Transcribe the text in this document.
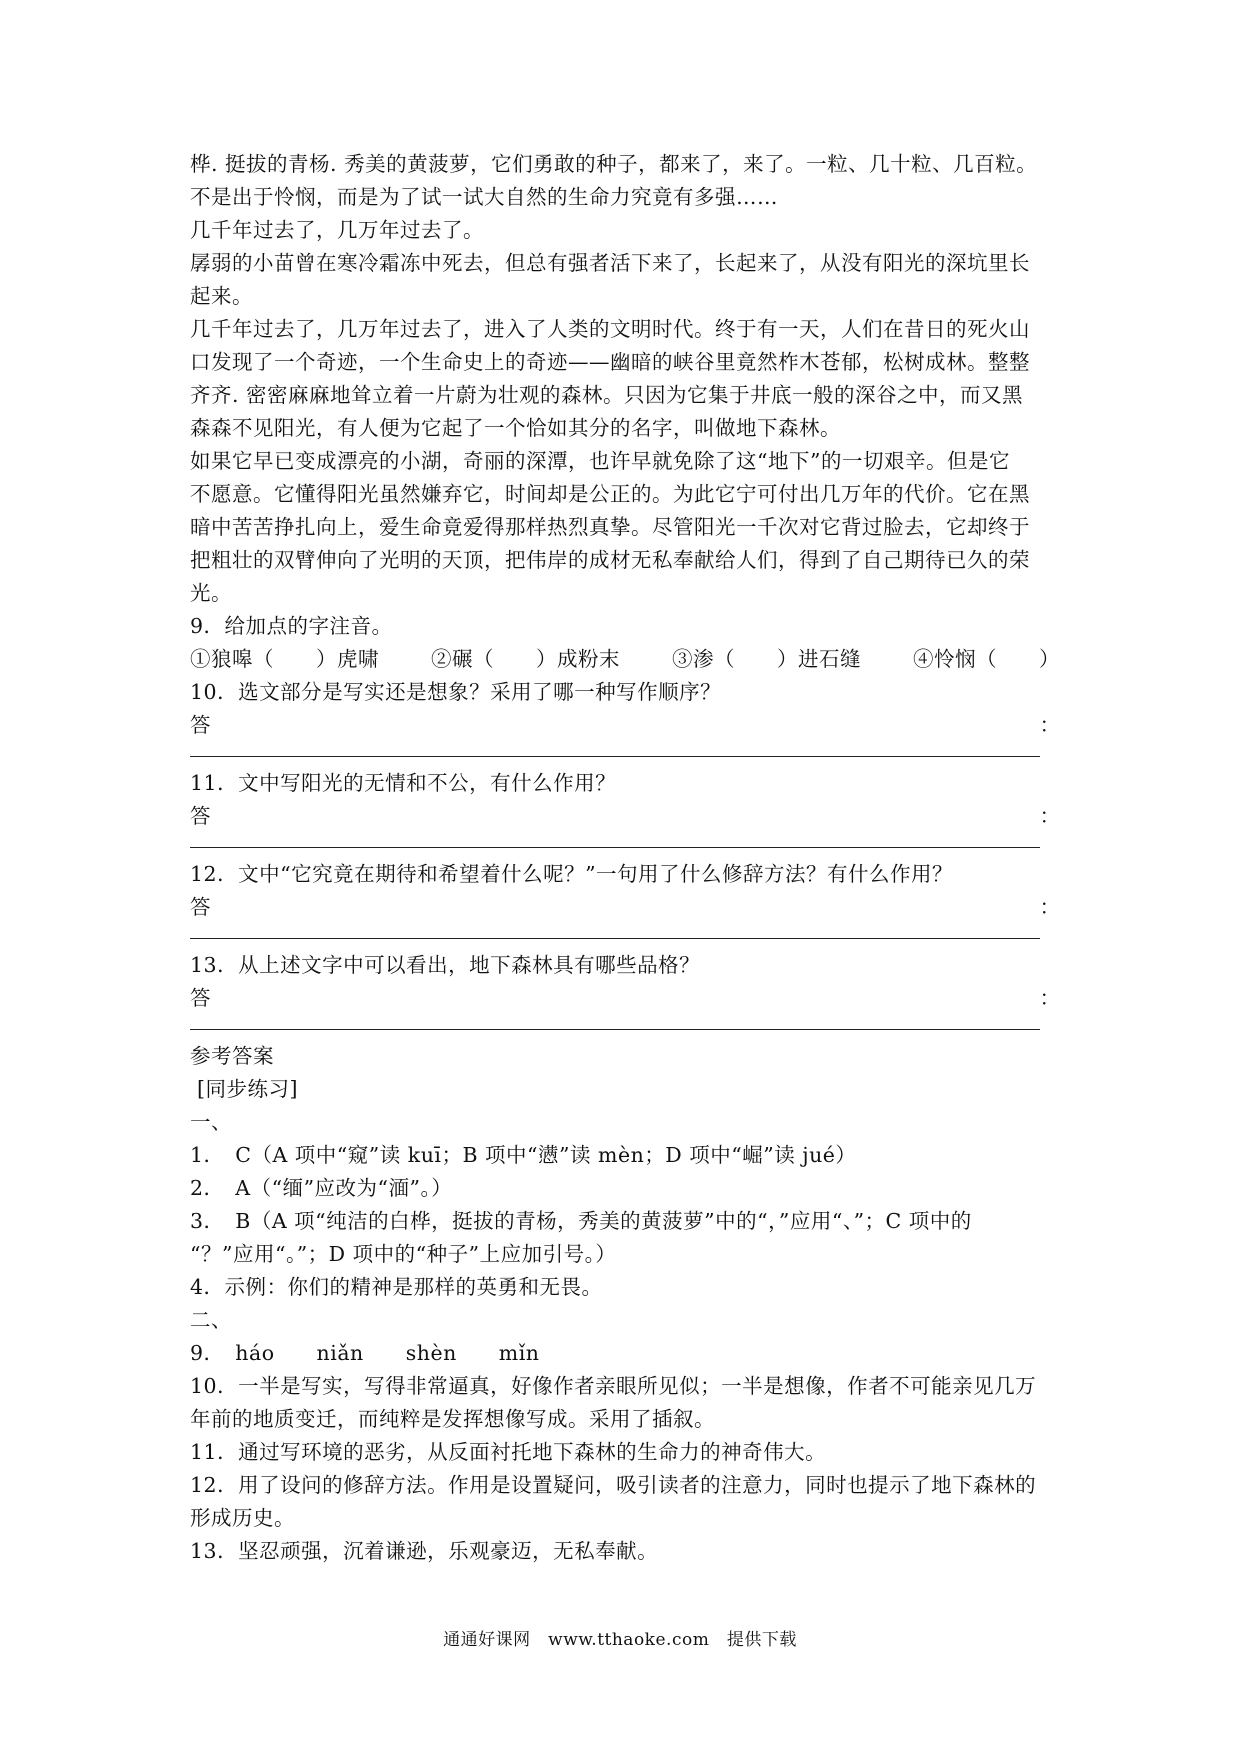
桦. 挺拔的青杨. 秀美的黄菠萝，它们勇敢的种子，都来了，来了。一粒、几十粒、几百粒。
不是出于怜悯，而是为了试一试大自然的生命力究竟有多强……
几千年过去了，几万年过去了。
孱弱的小苗曾在寒冷霜冻中死去，但总有强者活下来了，长起来了，从没有阳光的深坑里长
起来。
几千年过去了，几万年过去了，进入了人类的文明时代。终于有一天，人们在昔日的死火山
口发现了一个奇迹，一个生命史上的奇迹——幽暗的峡谷里竟然柞木苍郁，松树成林。整整
齐齐. 密密麻麻地耸立着一片蔚为壮观的森林。只因为它集于井底一般的深谷之中，而又黑
森森不见阳光，有人便为它起了一个恰如其分的名字，叫做地下森林。
如果它早已变成漂亮的小湖，奇丽的深潭，也许早就免除了这“地下”的一切艰辛。但是它
不愿意。它懂得阳光虽然嫌弃它，时间却是公正的。为此它宁可付出几万年的代价。它在黑
暗中苦苦挣扎向上，爱生命竟爱得那样热烈真挚。尽管阳光一千次对它背过脸去，它却终于
把粗壮的双臂伸向了光明的天顶，把伟岸的成材无私奉献给人们，得到了自己期待已久的荣
光。
9．给加点的字注音。
①狼嗥（　　）虎啸	②碾（　　）成粉末	③渗（　　）进石缝	④怜悯（　　）
10．选文部分是写实还是想象？采用了哪一种写作顺序？
答	：
11．文中写阳光的无情和不公，有什么作用？
答	：
12．文中“它究竟在期待和希望着什么呢？”一句用了什么修辞方法？有什么作用？
答	：
13．从上述文字中可以看出，地下森林具有哪些品格？
答	：
参考答案
[同步练习]
一、
1．　C（A 项中“窥”读 kuī；B 项中“懑”读 mèn；D 项中“崛”读 jué）
2．　A（“缅”应改为“湎”。）
3．　B（A 项“纯洁的白桦，挺拔的青杨，秀美的黄菠萝”中的“，”应用“、”；C 项中的
“？”应用“。”；D 项中的“种子”上应加引号。）
4．示例：你们的精神是那样的英勇和无畏。
二、
9．　háo　　niǎn　　shèn　　mǐn
10．一半是写实，写得非常逼真，好像作者亲眼所见似；一半是想像，作者不可能亲见几万
年前的地质变迁，而纯粹是发挥想像写成。采用了插叙。
11．通过写环境的恶劣，从反面衬托地下森林的生命力的神奇伟大。
12．用了设问的修辞方法。作用是设置疑问，吸引读者的注意力，同时也提示了地下森林的
形成历史。
13．坚忍顽强，沉着谦逊，乐观豪迈，无私奉献。
通通好课网　www.tthaoke.com　提供下载
